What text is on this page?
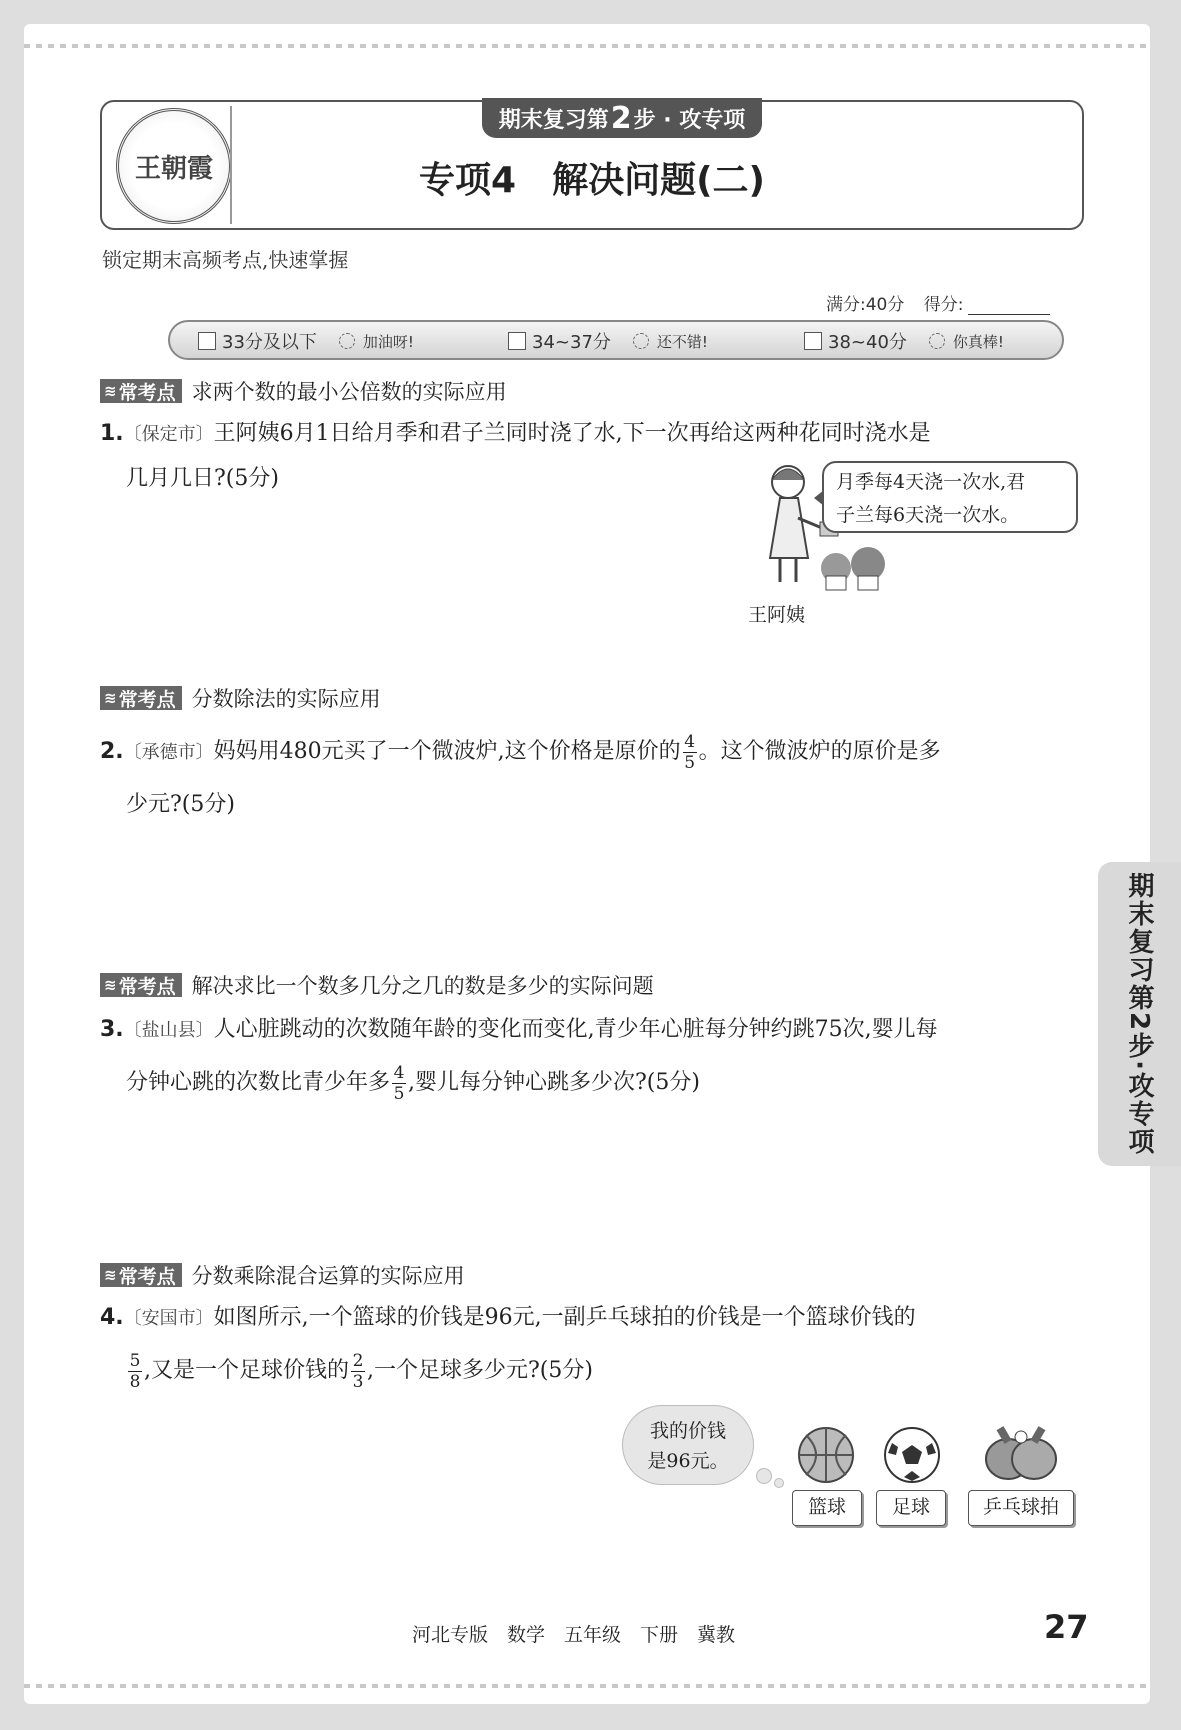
王朝霞
期末复习第 2 步 · 攻专项
专项4　解决问题(二)
锁定期末高频考点,快速掌握
满分:40分 得分:
33分及以下	加油呀!	34~37分	还不错!	38~40分	你真棒!
≋ 常考点 求两个数的最小公倍数的实际应用
1.〔保定市〕王阿姨6月1日给月季和君子兰同时浇了水,下一次再给这两种花同时浇水是
几月几日?(5分)	月季每4天浇一次水,君
子兰每6天浇一次水。
王阿姨
≋ 常考点 分数除法的实际应用
2.〔承德市〕妈妈用480元买了一个微波炉,这个价格是原价的 $\frac{4}{5}$ 。这个微波炉的原价是多
少元?(5分)
≋ 常考点 解决求比一个数多几分之几的数是多少的实际问题
3.〔盐山县〕人心脏跳动的次数随年龄的变化而变化,青少年心脏每分钟约跳75次,婴儿每
分钟心跳的次数比青少年多 $\frac{4}{5}$ ,婴儿每分钟心跳多少次?(5分)
≋ 常考点 分数乘除混合运算的实际应用
4.〔安国市〕如图所示,一个篮球的价钱是96元,一副乒乓球拍的价钱是一个篮球价钱的
$\frac{5}{8}$ ,又是一个足球价钱的 $\frac{2}{3}$ ,一个足球多少元?(5分)
我的价钱
是96元。
篮球	足球	乒乓球拍
期末复习第2步·攻专项
河北专版　数学　五年级　下册　冀教	27
